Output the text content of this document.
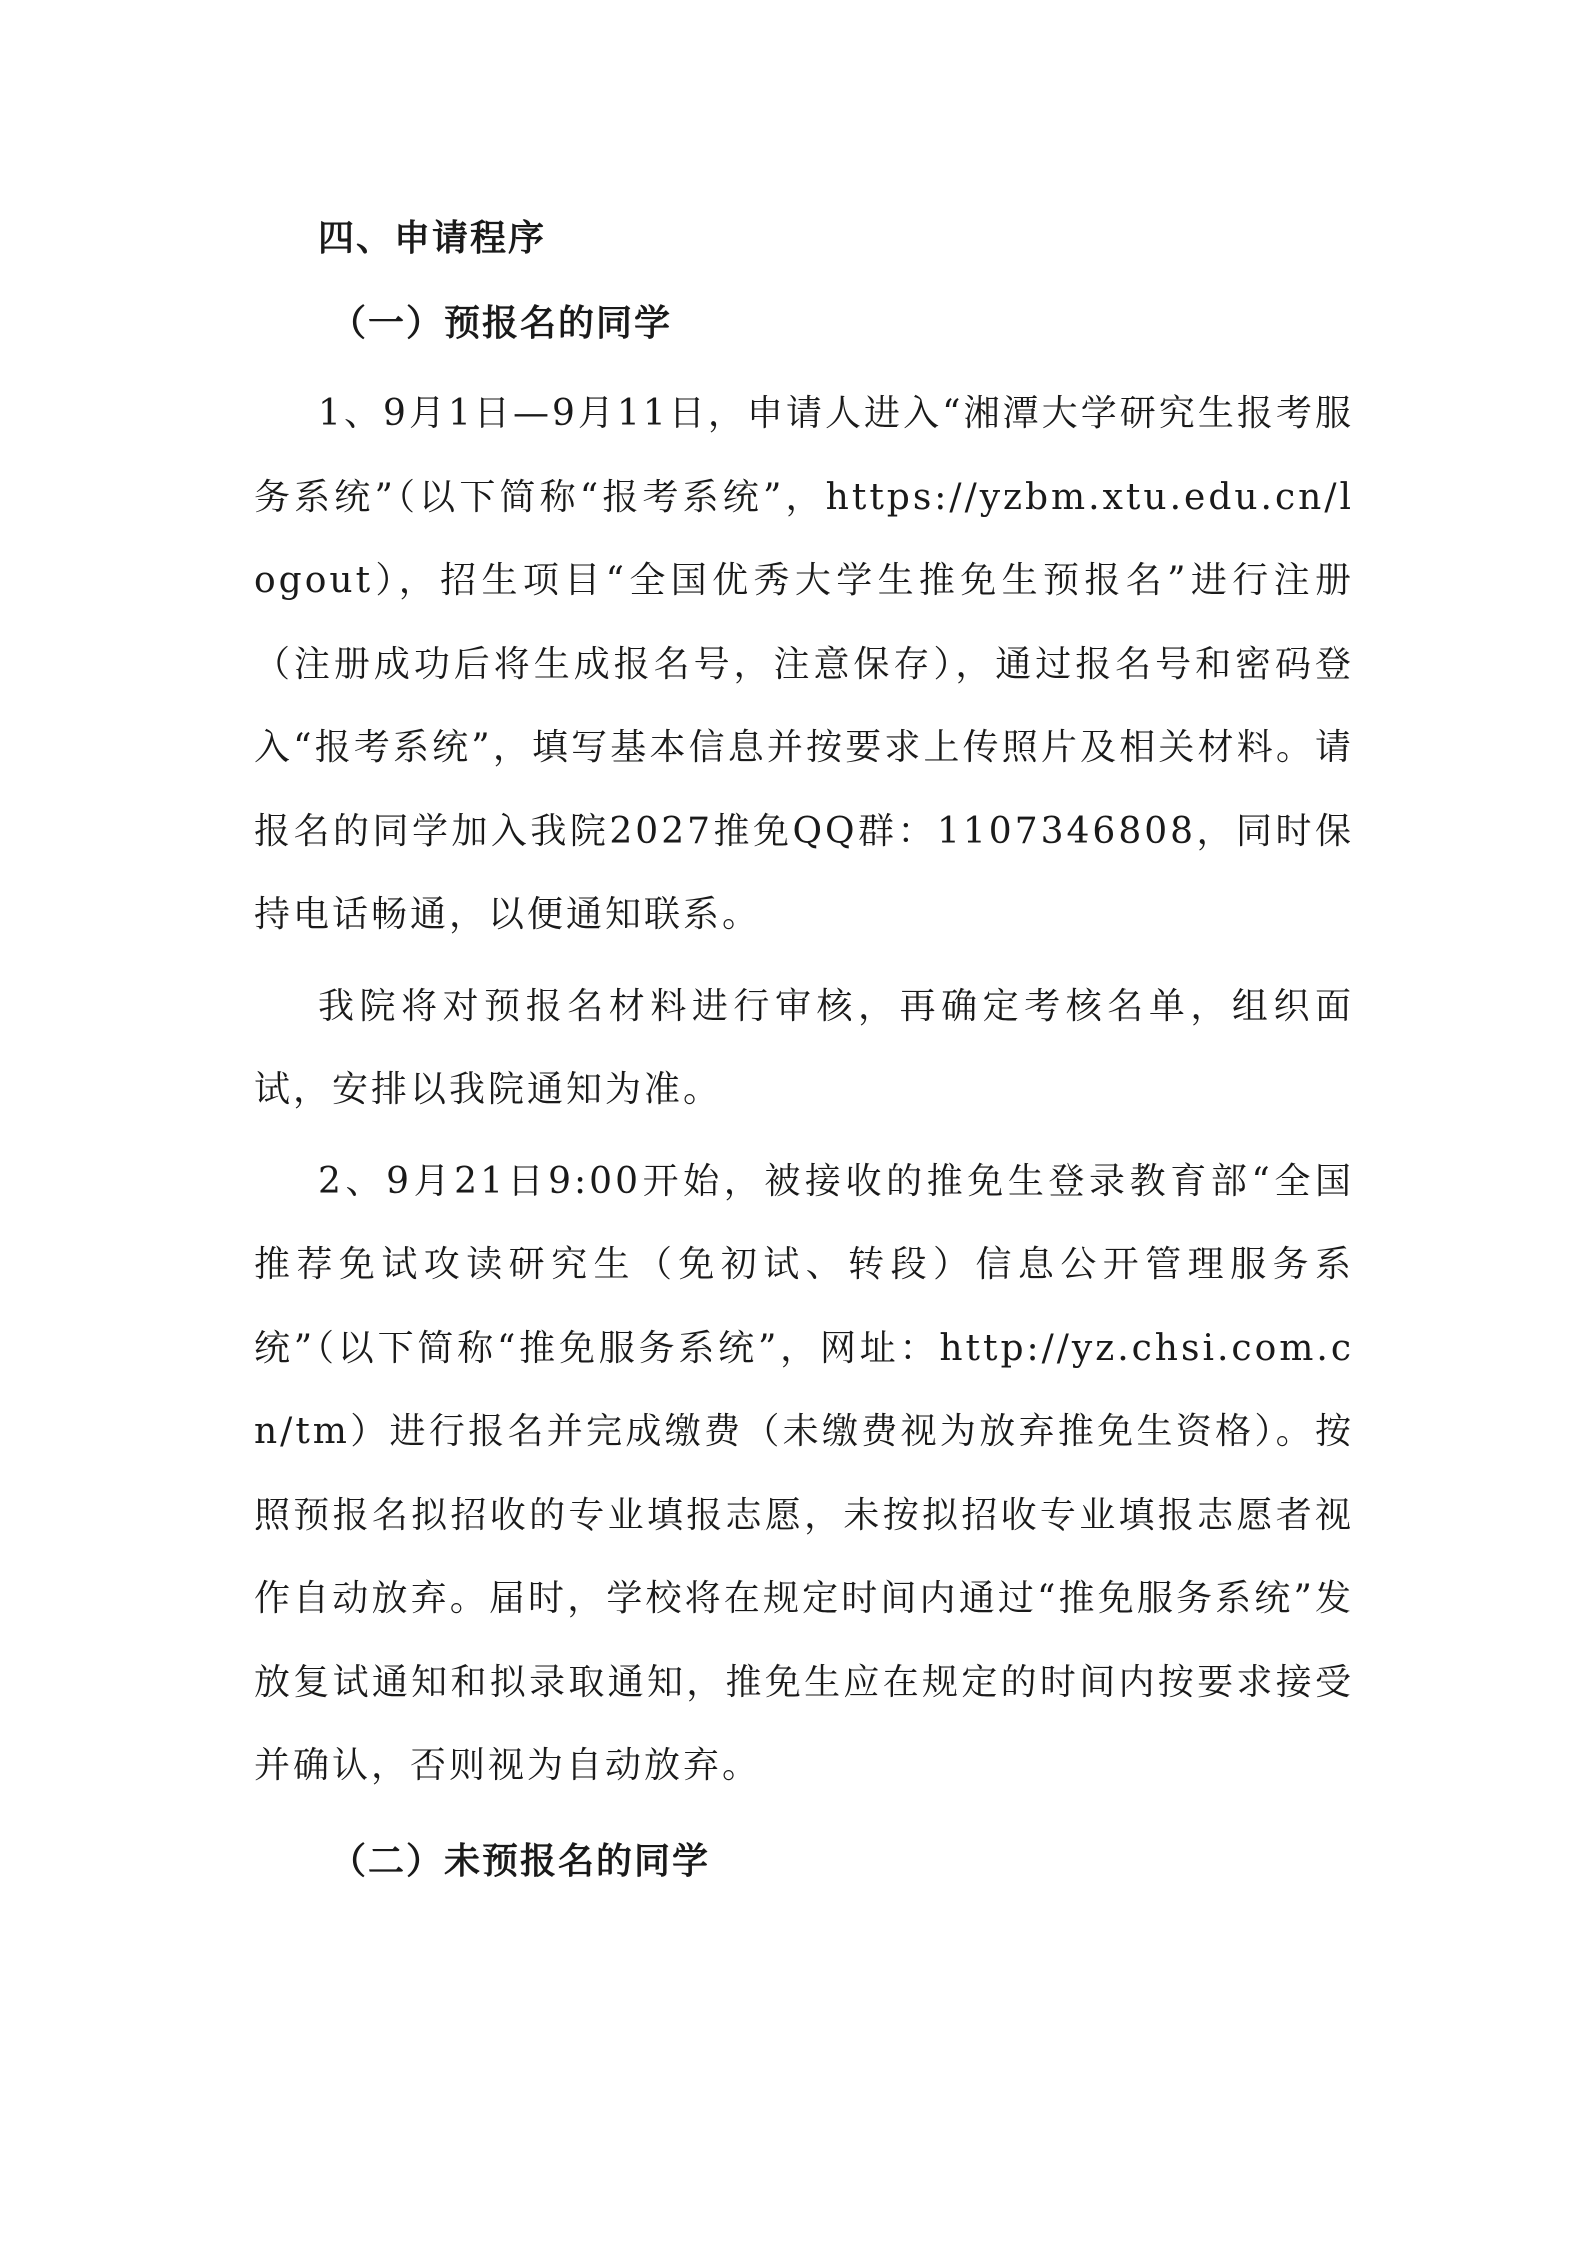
四、申请程序
（一）预报名的同学

1、9月1日—9月11日，申请人进入“湘潭大学研究生报考服务系统”（以下简称“报考系统”，https://yzbm.xtu.edu.cn/logout），招生项目“全国优秀大学生推免生预报名”进行注册（注册成功后将生成报名号，注意保存），通过报名号和密码登入“报考系统”，填写基本信息并按要求上传照片及相关材料。请报名的同学加入我院2027推免QQ群：1107346808，同时保持电话畅通，以便通知联系。

我院将对预报名材料进行审核，再确定考核名单，组织面试，安排以我院通知为准。

2、9月21日9:00开始，被接收的推免生登录教育部“全国推荐免试攻读研究生（免初试、转段）信息公开管理服务系统”（以下简称“推免服务系统”，网址：http://yz.chsi.com.cn/tm）进行报名并完成缴费（未缴费视为放弃推免生资格）。按照预报名拟招收的专业填报志愿，未按拟招收专业填报志愿者视作自动放弃。届时，学校将在规定时间内通过“推免服务系统”发放复试通知和拟录取通知，推免生应在规定的时间内按要求接受并确认，否则视为自动放弃。

（二）未预报名的同学
